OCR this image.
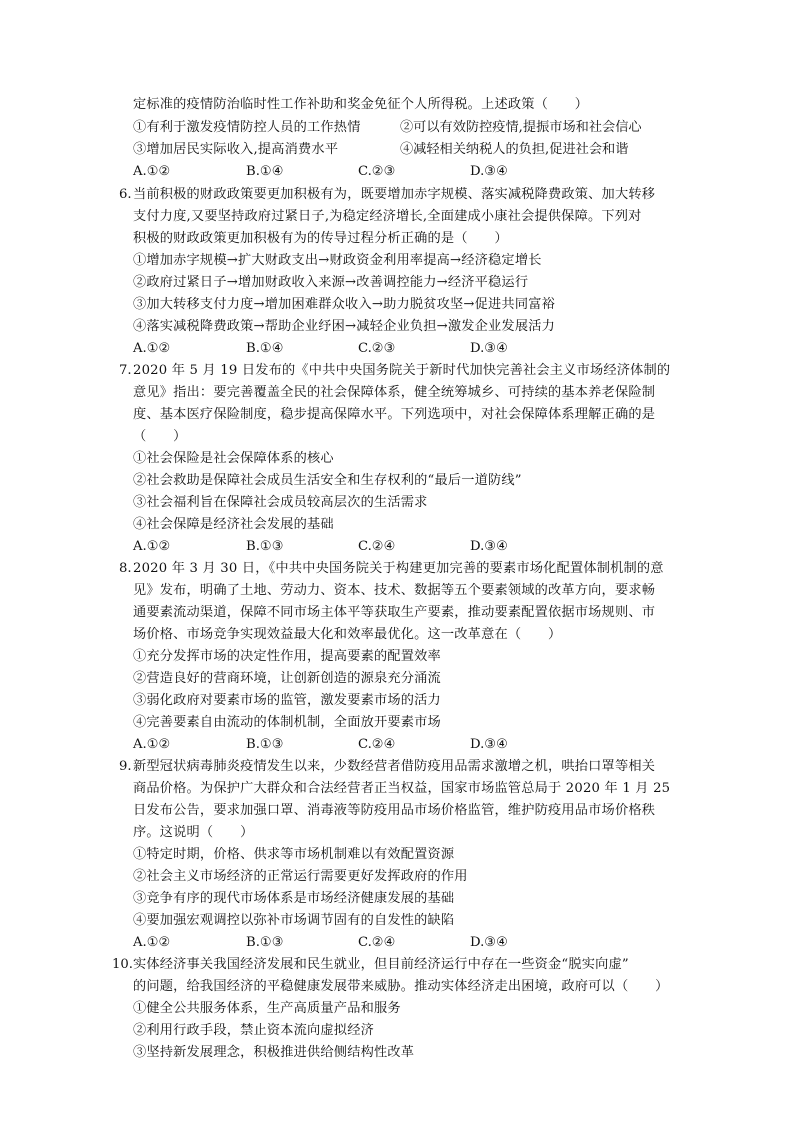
定标准的疫情防治临时性工作补助和奖金免征个人所得税。上述政策（　　）
①有利于激发疫情防控人员的工作热情	②可以有效防控疫情,提振市场和社会信心
③增加居民实际收入,提高消费水平	④减轻相关纳税人的负担,促进社会和谐
A.①②	B.①④	C.②③	D.③④
6. 当前积极的财政政策要更加积极有为，既要增加赤字规模、落实减税降费政策、加大转移
支付力度,又要坚持政府过紧日子,为稳定经济增长,全面建成小康社会提供保障。下列对
积极的财政政策更加积极有为的传导过程分析正确的是（　　）
①增加赤字规模→扩大财政支出→财政资金利用率提高→经济稳定增长
②政府过紧日子→增加财政收入来源→改善调控能力→经济平稳运行
③加大转移支付力度→增加困难群众收入→助力脱贫攻坚→促进共同富裕
④落实减税降费政策→帮助企业纾困→减轻企业负担→激发企业发展活力
A.①②	B.①④	C.②③	D.③④
7. 2020 年 5 月 19 日发布的《中共中央国务院关于新时代加快完善社会主义市场经济体制的
意见》指出：要完善覆盖全民的社会保障体系，健全统筹城乡、可持续的基本养老保险制
度、基本医疗保险制度，稳步提高保障水平。下列选项中，对社会保障体系理解正确的是
（　　）
①社会保险是社会保障体系的核心
②社会救助是保障社会成员生活安全和生存权利的“最后一道防线”
③社会福利旨在保障社会成员较高层次的生活需求
④社会保障是经济社会发展的基础
A.①②	B.①③	C.②④	D.③④
8. 2020 年 3 月 30 日，《中共中央国务院关于构建更加完善的要素市场化配置体制机制的意
见》发布，明确了土地、劳动力、资本、技术、数据等五个要素领域的改革方向，要求畅
通要素流动渠道，保障不同市场主体平等获取生产要素，推动要素配置依据市场规则、市
场价格、市场竞争实现效益最大化和效率最优化。这一改革意在（　　）
①充分发挥市场的决定性作用，提高要素的配置效率
②营造良好的营商环境，让创新创造的源泉充分涌流
③弱化政府对要素市场的监管，激发要素市场的活力
④完善要素自由流动的体制机制，全面放开要素市场
A.①②	B.①③	C.②④	D.③④
9. 新型冠状病毒肺炎疫情发生以来，少数经营者借防疫用品需求激增之机，哄抬口罩等相关
商品价格。为保护广大群众和合法经营者正当权益，国家市场监管总局于 2020 年 1 月 25
日发布公告，要求加强口罩、消毒液等防疫用品市场价格监管，维护防疫用品市场价格秩
序。这说明（　　）
①特定时期，价格、供求等市场机制难以有效配置资源
②社会主义市场经济的正常运行需要更好发挥政府的作用
③竞争有序的现代市场体系是市场经济健康发展的基础
④要加强宏观调控以弥补市场调节固有的自发性的缺陷
A.①②	B.①③	C.②④	D.③④
10. 实体经济事关我国经济发展和民生就业，但目前经济运行中存在一些资金“脱实向虚”
的问题，给我国经济的平稳健康发展带来威胁。推动实体经济走出困境，政府可以（　　）
①健全公共服务体系，生产高质量产品和服务
②利用行政手段，禁止资本流向虚拟经济
③坚持新发展理念，积极推进供给侧结构性改革
